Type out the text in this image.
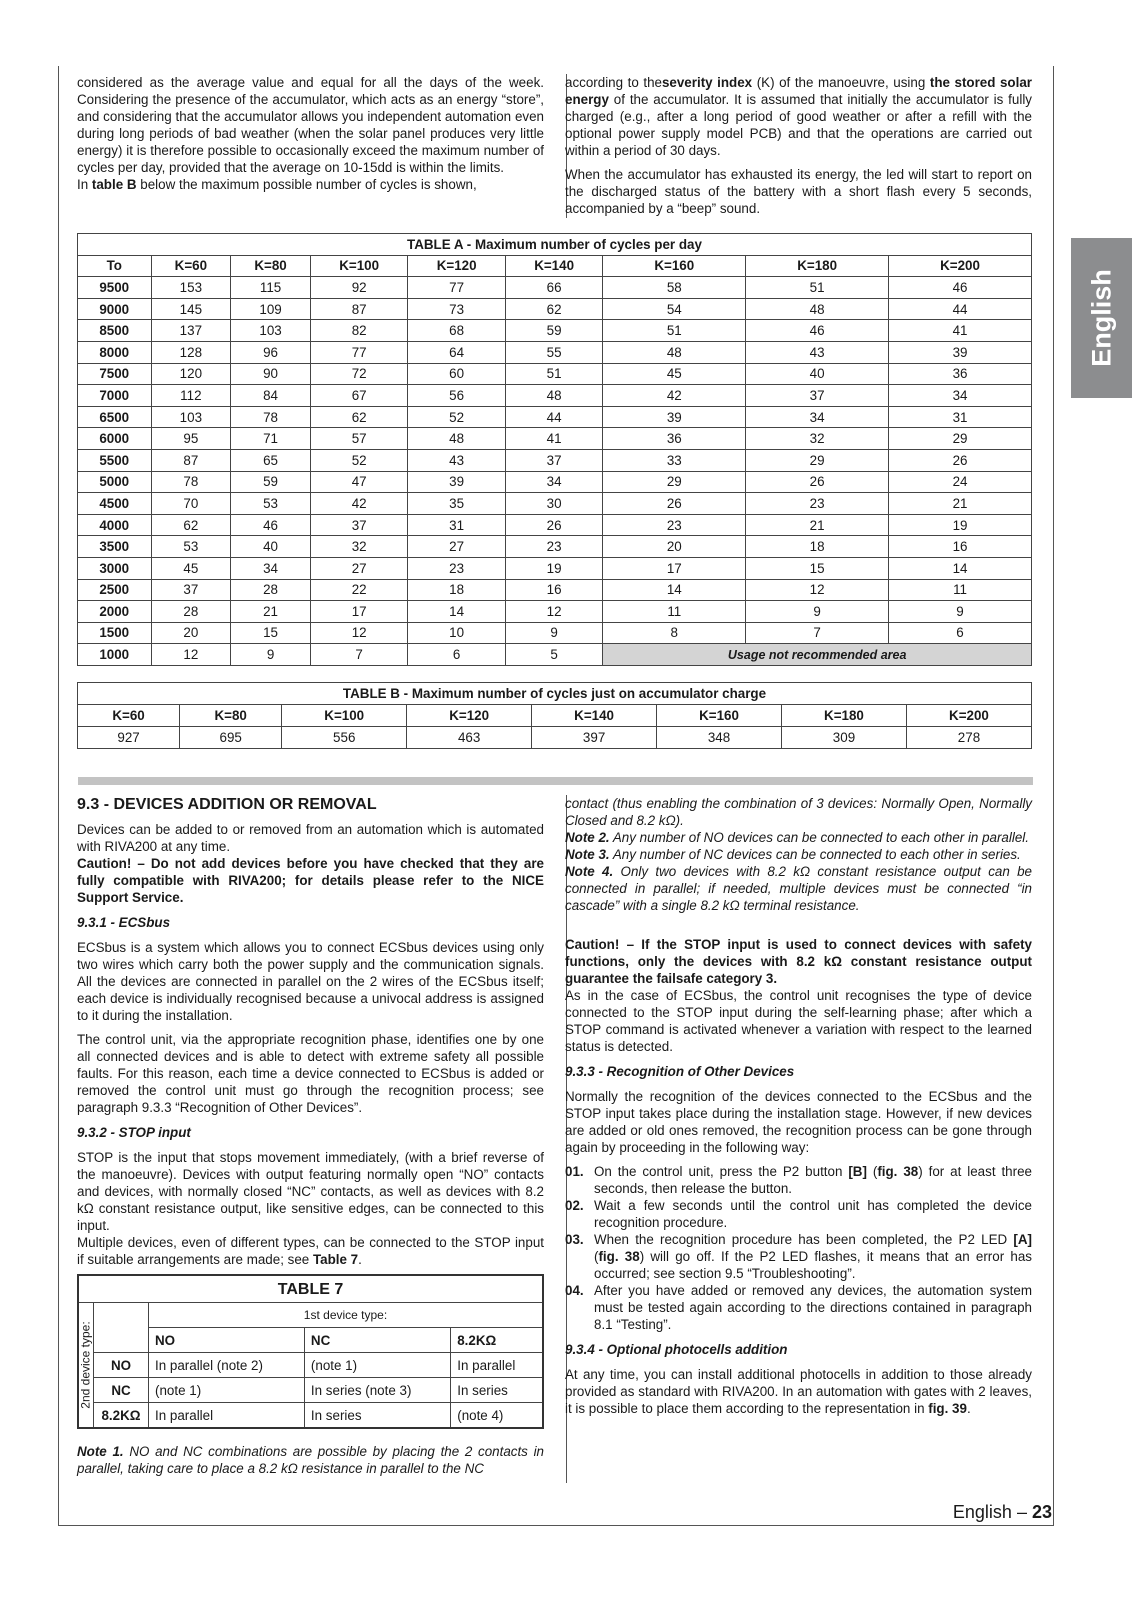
English

considered as the average value and equal for all the days of the week. Considering the presence of the accumulator, which acts as an energy “store”, and considering that the accumulator allows you independent automation even during long periods of bad weather (when the solar panel produces very little energy) it is therefore possible to occasionally exceed the maximum number of cycles per day, provided that the average on 10-15dd is within the limits.

In table B below the maximum possible number of cycles is shown,

according to theseverity index (K) of the manoeuvre, using the stored solar energy of the accumulator. It is assumed that initially the accumulator is fully charged (e.g., after a long period of good weather or after a refill with the optional power supply model PCB) and that the operations are carried out within a period of 30 days.

When the accumulator has exhausted its energy, the led will start to report on the discharged status of the battery with a short flash every 5 seconds, accompanied by a “beep” sound.

TABLE A - Maximum number of cycles per day								
To	K=60	K=80	K=100	K=120	K=140	K=160	K=180	K=200
9500	153	115	92	77	66	58	51	46
9000	145	109	87	73	62	54	48	44
8500	137	103	82	68	59	51	46	41
8000	128	96	77	64	55	48	43	39
7500	120	90	72	60	51	45	40	36
7000	112	84	67	56	48	42	37	34
6500	103	78	62	52	44	39	34	31
6000	95	71	57	48	41	36	32	29
5500	87	65	52	43	37	33	29	26
5000	78	59	47	39	34	29	26	24
4500	70	53	42	35	30	26	23	21
4000	62	46	37	31	26	23	21	19
3500	53	40	32	27	23	20	18	16
3000	45	34	27	23	19	17	15	14
2500	37	28	22	18	16	14	12	11
2000	28	21	17	14	12	11	9	9
1500	20	15	12	10	9	8	7	6
1000	12	9	7	6	5	Usage not recommended area		
TABLE B - Maximum number of cycles just on accumulator charge							
K=60	K=80	K=100	K=120	K=140	K=160	K=180	K=200
927	695	556	463	397	348	309	278
9.3 - DEVICES ADDITION OR REMOVAL

Devices can be added to or removed from an automation which is automated with RIVA200 at any time.

Caution! – Do not add devices before you have checked that they are fully compatible with RIVA200; for details please refer to the NICE Support Service.

9.3.1 - ECSbus

ECSbus is a system which allows you to connect ECSbus devices using only two wires which carry both the power supply and the communication signals. All the devices are connected in parallel on the 2 wires of the ECSbus itself; each device is individually recognised because a univocal address is assigned to it during the installation.

The control unit, via the appropriate recognition phase, identifies one by one all connected devices and is able to detect with extreme safety all possible faults. For this reason, each time a device connected to ECSbus is added or removed the control unit must go through the recognition process; see paragraph 9.3.3 “Recognition of Other Devices”.

9.3.2 - STOP input

STOP is the input that stops movement immediately, (with a brief reverse of the manoeuvre). Devices with output featuring normally open “NO” contacts and devices, with normally closed “NC” contacts, as well as devices with 8.2 kΩ constant resistance output, like sensitive edges, can be connected to this input.

Multiple devices, even of different types, can be connected to the STOP input if suitable arrangements are made; see Table 7.

TABLE 7				

2nd device type:		1st device type:		
		NO	NC	8.2KΩ
	NO	In parallel (note 2)	(note 1)	In parallel
	NC	(note 1)	In series (note 3)	In series
	8.2KΩ	In parallel	In series	(note 4)

Note 1. NO and NC combinations are possible by placing the 2 contacts in parallel, taking care to place a 8.2 kΩ resistance in parallel to the NC

contact (thus enabling the combination of 3 devices: Normally Open, Normally Closed and 8.2 kΩ).

Note 2. Any number of NO devices can be connected to each other in parallel.

Note 3. Any number of NC devices can be connected to each other in series.

Note 4. Only two devices with 8.2 kΩ constant resistance output can be connected in parallel; if needed, multiple devices must be connected “in cascade” with a single 8.2 kΩ terminal resistance.

Caution! – If the STOP input is used to connect devices with safety functions, only the devices with 8.2 kΩ constant resistance output guarantee the failsafe category 3.

As in the case of ECSbus, the control unit recognises the type of device connected to the STOP input during the self-learning phase; after which a STOP command is activated whenever a variation with respect to the learned status is detected.

9.3.3 - Recognition of Other Devices

Normally the recognition of the devices connected to the ECSbus and the STOP input takes place during the installation stage. However, if new devices are added or old ones removed, the recognition process can be gone through again by proceeding in the following way:

01. On the control unit, press the P2 button [B] (fig. 38) for at least three seconds, then release the button.
02. Wait a few seconds until the control unit has completed the device recognition procedure.
03. When the recognition procedure has been completed, the P2 LED [A] (fig. 38) will go off. If the P2 LED flashes, it means that an error has occurred; see section 9.5 “Troubleshooting”.
04. After you have added or removed any devices, the automation system must be tested again according to the directions contained in paragraph 8.1 “Testing”.
9.3.4 - Optional photocells addition

At any time, you can install additional photocells in addition to those already provided as standard with RIVA200. In an automation with gates with 2 leaves, it is possible to place them according to the representation in fig. 39.

English – 23
